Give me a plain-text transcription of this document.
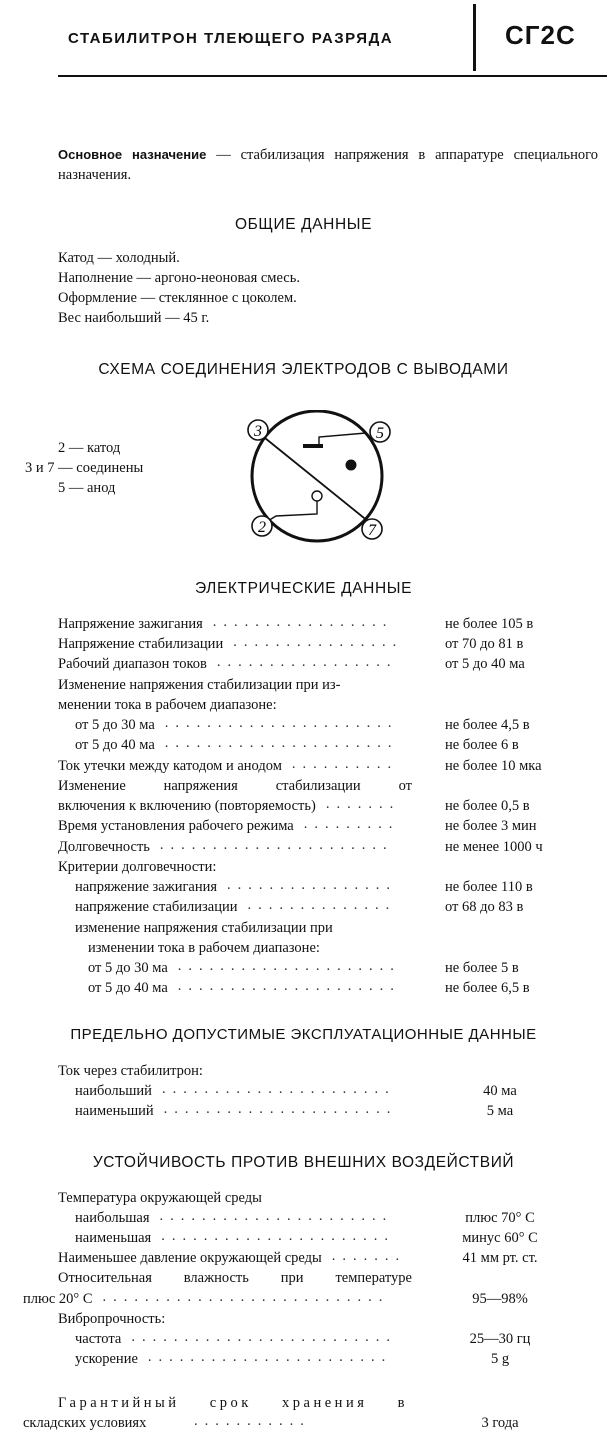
СТАБИЛИТРОН ТЛЕЮЩЕГО РАЗРЯДА	СГ2С
Основное назначение — стабилизация напряжения в аппаратуре специального назначения.
ОБЩИЕ ДАННЫЕ
Катод — холодный.
Наполнение — аргоно-неоновая смесь.
Оформление — стеклянное с цоколем.
Вес наибольший — 45 г.
СХЕМА СОЕДИНЕНИЯ ЭЛЕКТРОДОВ С ВЫВОДАМИ
2 — катод
3 и 7 — соединены
5 — анод
3	5
2	7
ЭЛЕКТРИЧЕСКИЕ ДАННЫЕ
.................
Напряжение зажигания	не более 105 в
................
Напряжение стабилизации	от 70 до 81 в
.................
Рабочий диапазон токов	от 5 до 40 ма
Изменение напряжения стабилизации при из-
менении тока в рабочем диапазоне:
......................
от 5 до 30 ма	не более 4,5 в
......................
от 5 до 40 ма	не более 6 в
..........
Ток утечки между катодом и анодом	не более 10 мка
Изменение напряжения стабилизации от
.......
включения к включению (повторяемость)	не более 0,5 в
.........
Время установления рабочего режима	не более 3 мин
......................
Долговечность	не менее 1000 ч
Критерии долговечности:
................
напряжение зажигания	не более 110 в
..............
напряжение стабилизации	от 68 до 83 в
изменение напряжения стабилизации при
изменении тока в рабочем диапазоне:
.....................
от 5 до 30 ма	не более 5 в
.....................
от 5 до 40 ма	не более 6,5 в
ПРЕДЕЛЬНО ДОПУСТИМЫЕ ЭКСПЛУАТАЦИОННЫЕ ДАННЫЕ
Ток через стабилитрон:
......................
наибольший	40 ма
......................
наименьший	5 ма
УСТОЙЧИВОСТЬ ПРОТИВ ВНЕШНИХ ВОЗДЕЙСТВИЙ
Температура окружающей среды
......................
наибольшая	плюс 70° С
......................
наименьшая	минус 60° С
.......
Наименьшее давление окружающей среды	41 мм рт. ст.
Относительная влажность при температуре
...........................
плюс 20° С	95—98%
Вибропрочность:
.........................
частота	25—30 гц
.......................
ускорение	5 g
Гарантийный срок хранения в
...........
складских условиях	3 года
